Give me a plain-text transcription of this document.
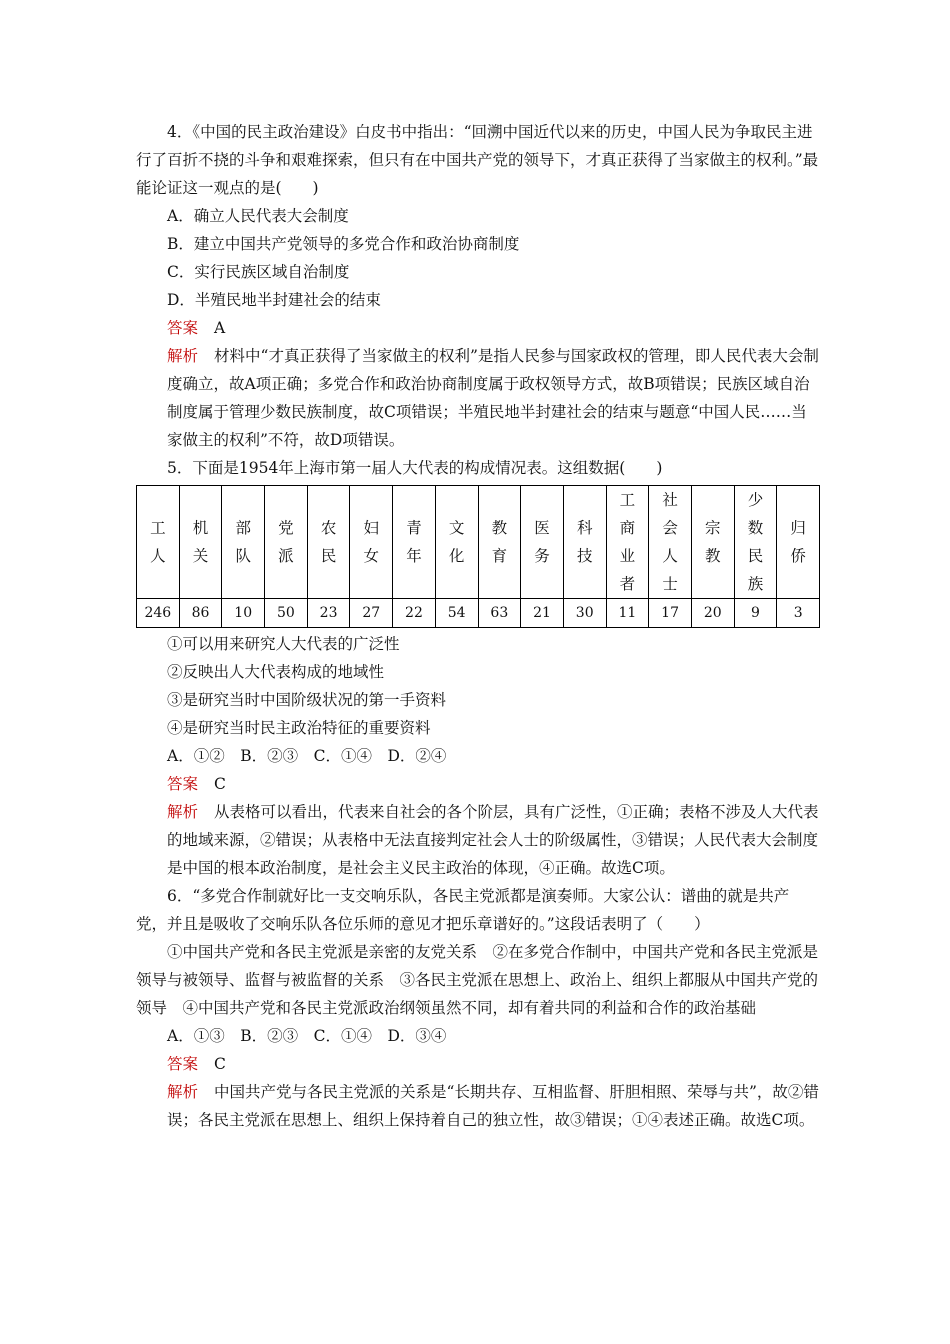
4．《中国的民主政治建设》白皮书中指出：“回溯中国近代以来的历史，中国人民为争取民主进行了百折不挠的斗争和艰难探索，但只有在中国共产党的领导下，才真正获得了当家做主的权利。”最能论证这一观点的是(　　)

A．确立人民代表大会制度

B．建立中国共产党领导的多党合作和政治协商制度

C．实行民族区域自治制度

D．半殖民地半封建社会的结束

答案 A

解析 材料中“才真正获得了当家做主的权利”是指人民参与国家政权的管理，即人民代表大会制度确立，故A项正确；多党合作和政治协商制度属于政权领导方式，故B项错误；民族区域自治制度属于管理少数民族制度，故C项错误；半殖民地半封建社会的结束与题意“中国人民……当家做主的权利”不符，故D项错误。

5．下面是1954年上海市第一届人大代表的构成情况表。这组数据(　　)

工人	机关	部队	党派	农民	妇女	青年	文化	教育	医务	科技	工商业者	社会人士	宗教	少数民族	归侨
246	86	10	50	23	27	22	54	63	21	30	11	17	20	9	3

①可以用来研究人大代表的广泛性

②反映出人大代表构成的地域性

③是研究当时中国阶级状况的第一手资料

④是研究当时民主政治特征的重要资料

A．①②　B．②③　C．①④　D．②④

答案 C

解析 从表格可以看出，代表来自社会的各个阶层，具有广泛性，①正确；表格不涉及人大代表的地域来源，②错误；从表格中无法直接判定社会人士的阶级属性，③错误；人民代表大会制度是中国的根本政治制度，是社会主义民主政治的体现，④正确。故选C项。

6．“多党合作制就好比一支交响乐队，各民主党派都是演奏师。大家公认：谱曲的就是共产党，并且是吸收了交响乐队各位乐师的意见才把乐章谱好的。”这段话表明了（　　）

①中国共产党和各民主党派是亲密的友党关系　②在多党合作制中，中国共产党和各民主党派是领导与被领导、监督与被监督的关系　③各民主党派在思想上、政治上、组织上都服从中国共产党的领导　④中国共产党和各民主党派政治纲领虽然不同，却有着共同的利益和合作的政治基础

A．①③　B．②③　C．①④　D．③④

答案 C

解析 中国共产党与各民主党派的关系是“长期共存、互相监督、肝胆相照、荣辱与共”，故②错误；各民主党派在思想上、组织上保持着自己的独立性，故③错误；①④表述正确。故选C项。
